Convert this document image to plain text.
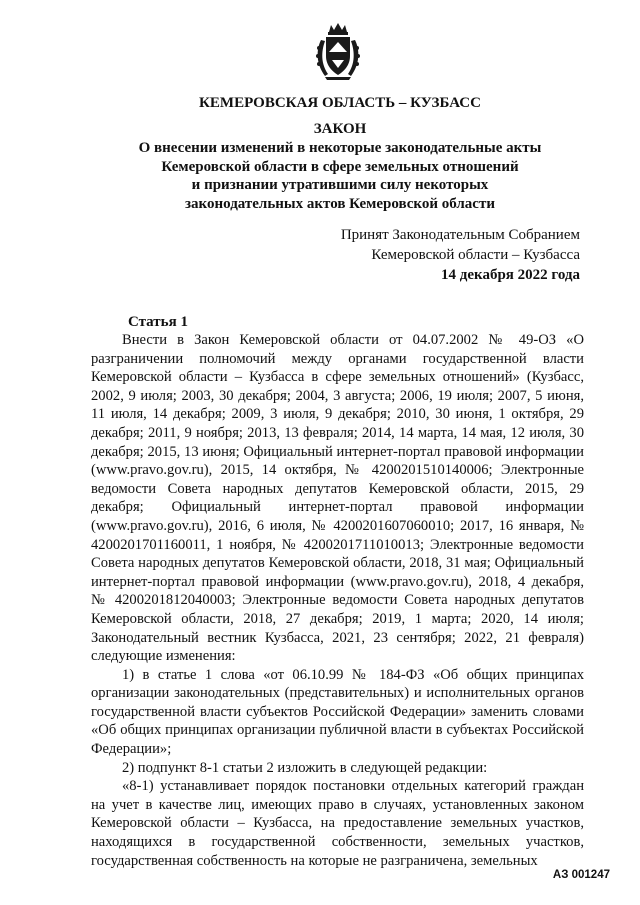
КЕМЕРОВСКАЯ ОБЛАСТЬ – КУЗБАСС
ЗАКОН
О внесении изменений в некоторые законодательные акты
Кемеровской области в сфере земельных отношений
и признании утратившими силу некоторых
законодательных актов Кемеровской области
Принят Законодательным Собранием
Кемеровской области – Кузбасса
14 декабря 2022 года
Статья 1

Внести в Закон Кемеровской области от 04.07.2002 № 49-ОЗ «О разграничении полномочий между органами государственной власти Кемеровской области – Кузбасса в сфере земельных отношений» (Кузбасс, 2002, 9 июля; 2003, 30 декабря; 2004, 3 августа; 2006, 19 июля; 2007, 5 июня, 11 июля, 14 декабря; 2009, 3 июля, 9 декабря; 2010, 30 июня, 1 октября, 29 декабря; 2011, 9 ноября; 2013, 13 февраля; 2014, 14 марта, 14 мая, 12 июля, 30 декабря; 2015, 13 июня; Официальный интернет-портал правовой информации (www.pravo.gov.ru), 2015, 14 октября, № 4200201510140006; Электронные ведомости Совета народных депутатов Кемеровской области, 2015, 29 декабря; Официальный интернет-портал правовой информации (www.pravo.gov.ru), 2016, 6 июля, № 4200201607060010; 2017, 16 января, № 4200201701160011, 1 ноября, № 4200201711010013; Электронные ведомости Совета народных депутатов Кемеровской области, 2018, 31 мая; Официальный интернет-портал правовой информации (www.pravo.gov.ru), 2018, 4 декабря, № 4200201812040003; Электронные ведомости Совета народных депутатов Кемеровской области, 2018, 27 декабря; 2019, 1 марта; 2020, 14 июля; Законодательный вестник Кузбасса, 2021, 23 сентября; 2022, 21 февраля) следующие изменения:

1) в статье 1 слова «от 06.10.99 № 184-ФЗ «Об общих принципах организации законодательных (представительных) и исполнительных органов государственной власти субъектов Российской Федерации» заменить словами «Об общих принципах организации публичной власти в субъектах Российской Федерации»;

2) подпункт 8-1 статьи 2 изложить в следующей редакции:

«8-1) устанавливает порядок постановки отдельных категорий граждан на учет в качестве лиц, имеющих право в случаях, установленных законом Кемеровской области – Кузбасса, на предоставление земельных участков, находящихся в государственной собственности, земельных участков, государственная собственность на которые не разграничена, земельных

АЗ 001247
